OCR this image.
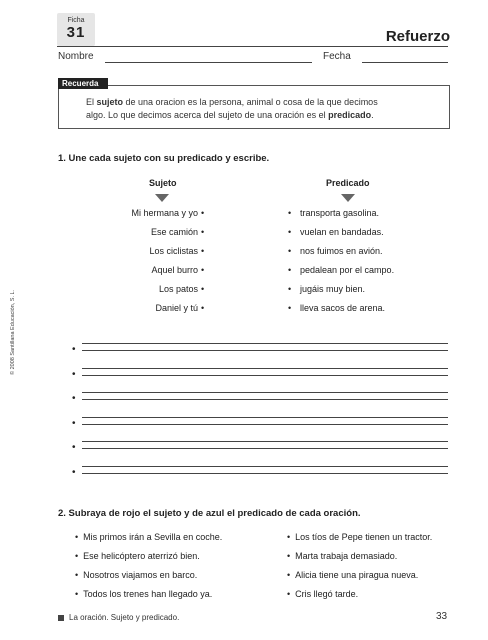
Ficha
31	Refuerzo
Nombre	Fecha
Recuerda
El sujeto de una oracion es la persona, animal o cosa de la que decimos
algo. Lo que decimos acerca del sujeto de una oración es el predicado.
1. Une cada sujeto con su predicado y escribe.
Sujeto	Predicado
Mi hermana y yo •	• transporta gasolina.
Ese camión •	• vuelan en bandadas.
Los ciclistas •	• nos fuimos en avión.
Aquel burro •	• pedalean por el campo.
Los patos •	• jugáis muy bien.
Daniel y tú •	• lleva sacos de arena.
•
•
•
•
•
•
2. Subraya de rojo el sujeto y de azul el predicado de cada oración.
•  Mis primos irán a Sevilla en coche.
•  Ese helicóptero aterrizó bien.
•  Nosotros viajamos en barco.
•  Todos los trenes han llegado ya.
•  Los tíos de Pepe tienen un tractor.
•  Marta trabaja demasiado.
•  Alicia tiene una piragua nueva.
•  Cris llegó tarde.
© 2008 Santillana Educación, S. L.
La oración. Sujeto y predicado.	33
